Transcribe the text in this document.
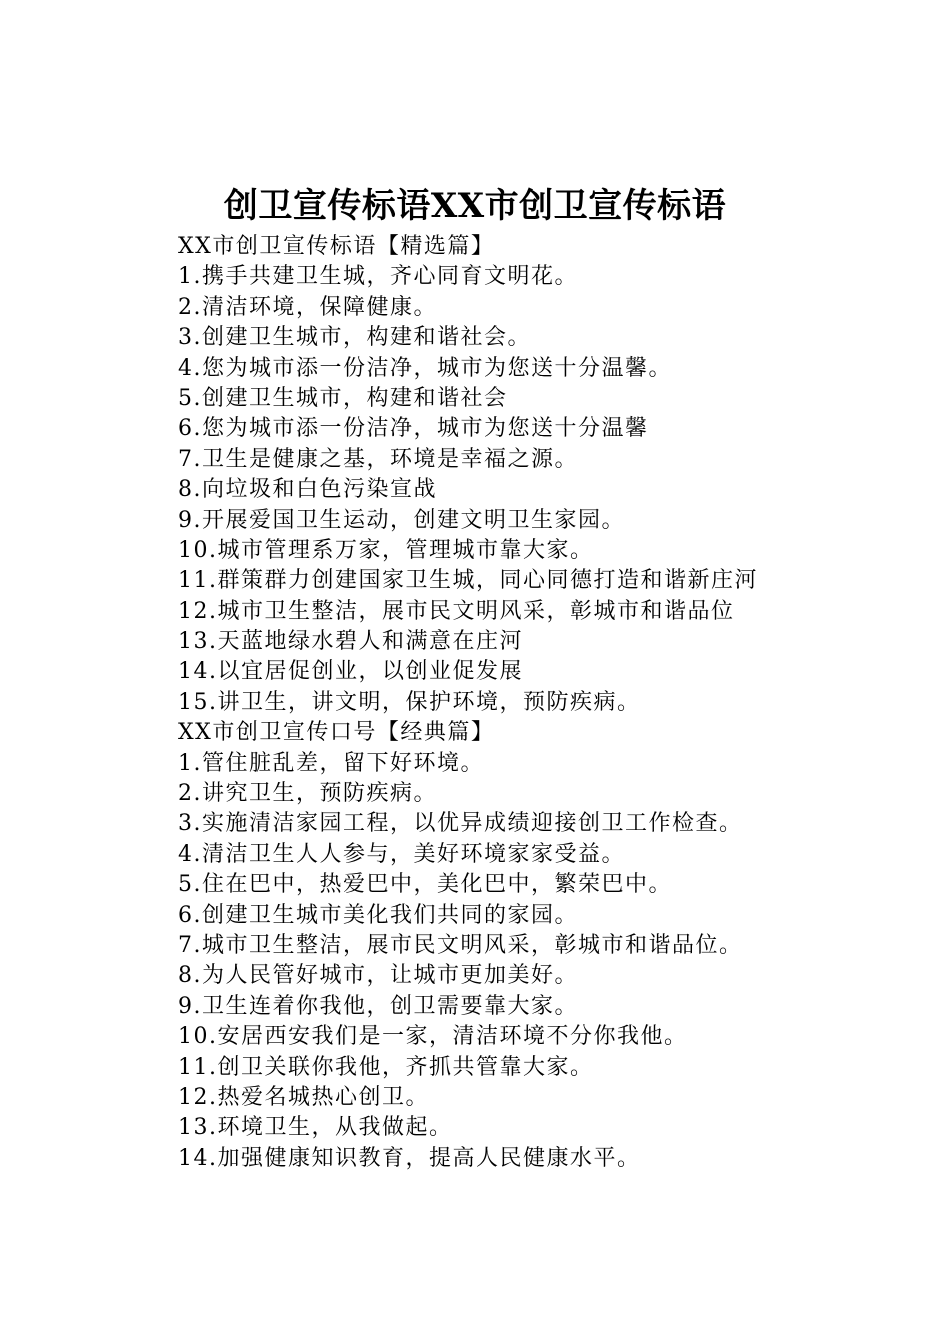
创卫宣传标语XX市创卫宣传标语
XX市创卫宣传标语【精选篇】
1.携手共建卫生城，齐心同育文明花。
2.清洁环境，保障健康。
3.创建卫生城市，构建和谐社会。
4.您为城市添一份洁净，城市为您送十分温馨。
5.创建卫生城市，构建和谐社会
6.您为城市添一份洁净，城市为您送十分温馨
7.卫生是健康之基，环境是幸福之源。
8.向垃圾和白色污染宣战
9.开展爱国卫生运动，创建文明卫生家园。
10.城市管理系万家，管理城市靠大家。
11.群策群力创建国家卫生城，同心同德打造和谐新庄河
12.城市卫生整洁，展市民文明风采，彰城市和谐品位
13.天蓝地绿水碧人和满意在庄河
14.以宜居促创业，以创业促发展
15.讲卫生，讲文明，保护环境，预防疾病。
XX市创卫宣传口号【经典篇】
1.管住脏乱差，留下好环境。
2.讲究卫生，预防疾病。
3.实施清洁家园工程，以优异成绩迎接创卫工作检查。
4.清洁卫生人人参与，美好环境家家受益。
5.住在巴中，热爱巴中，美化巴中，繁荣巴中。
6.创建卫生城市美化我们共同的家园。
7.城市卫生整洁，展市民文明风采，彰城市和谐品位。
8.为人民管好城市，让城市更加美好。
9.卫生连着你我他，创卫需要靠大家。
10.安居西安我们是一家，清洁环境不分你我他。
11.创卫关联你我他，齐抓共管靠大家。
12.热爱名城热心创卫。
13.环境卫生，从我做起。
14.加强健康知识教育，提高人民健康水平。
